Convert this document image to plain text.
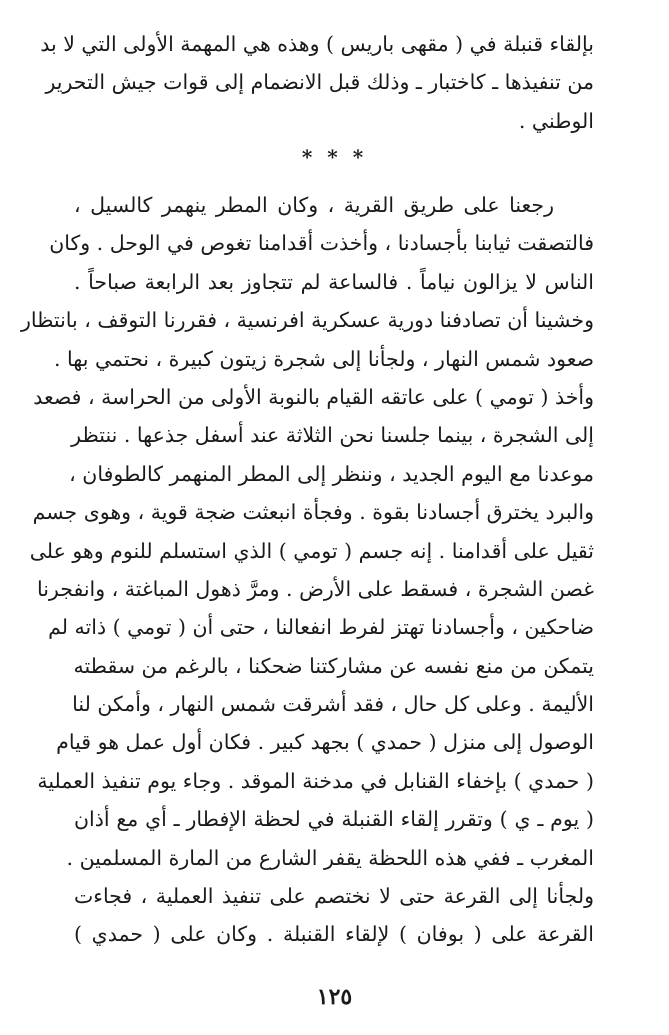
بإلقاء قنبلة في ( مقهى باريس ) وهذه هي المهمة الأولى التي لا بد
من تنفيذها ـ كاختبار ـ وذلك قبل الانضمام إلى قوات جيش التحرير
الوطني .
* * *
رجعنا على طريق القرية ، وكان المطر ينهمر كالسيل ،
فالتصقت ثيابنا بأجسادنا ، وأخذت أقدامنا تغوص في الوحل . وكان
الناس لا يزالون نياماً . فالساعة لم تتجاوز بعد الرابعة صباحاً .
وخشينا أن تصادفنا دورية عسكرية افرنسية ، فقررنا التوقف ، بانتظار
صعود شمس النهار ، ولجأنا إلى شجرة زيتون كبيرة ، نحتمي بها .
وأخذ ( تومي ) على عاتقه القيام بالنوبة الأولى من الحراسة ، فصعد
إلى الشجرة ، بينما جلسنا نحن الثلاثة عند أسفل جذعها . ننتظر
موعدنا مع اليوم الجديد ، وننظر إلى المطر المنهمر كالطوفان ،
والبرد يخترق أجسادنا بقوة . وفجأة انبعثت ضجة قوية ، وهوى جسم
ثقيل على أقدامنا . إنه جسم ( تومي ) الذي استسلم للنوم وهو على
غصن الشجرة ، فسقط على الأرض . ومرَّ ذهول المباغتة ، وانفجرنا
ضاحكين ، وأجسادنا تهتز لفرط انفعالنا ، حتى أن ( تومي ) ذاته لم
يتمكن من منع نفسه عن مشاركتنا ضحكنا ، بالرغم من سقطته
الأليمة . وعلى كل حال ، فقد أشرقت شمس النهار ، وأمكن لنا
الوصول إلى منزل ( حمدي ) بجهد كبير . فكان أول عمل هو قيام
( حمدي ) بإخفاء القنابل في مدخنة الموقد . وجاء يوم تنفيذ العملية
( يوم ـ ي ) وتقرر إلقاء القنبلة في لحظة الإفطار ـ أي مع أذان
المغرب ـ ففي هذه اللحظة يقفر الشارع من المارة المسلمين .
ولجأنا إلى القرعة حتى لا نختصم على تنفيذ العملية ، فجاءت
القرعة على ( بوفان ) لإلقاء القنبلة . وكان على ( حمدي )
١٢٥
